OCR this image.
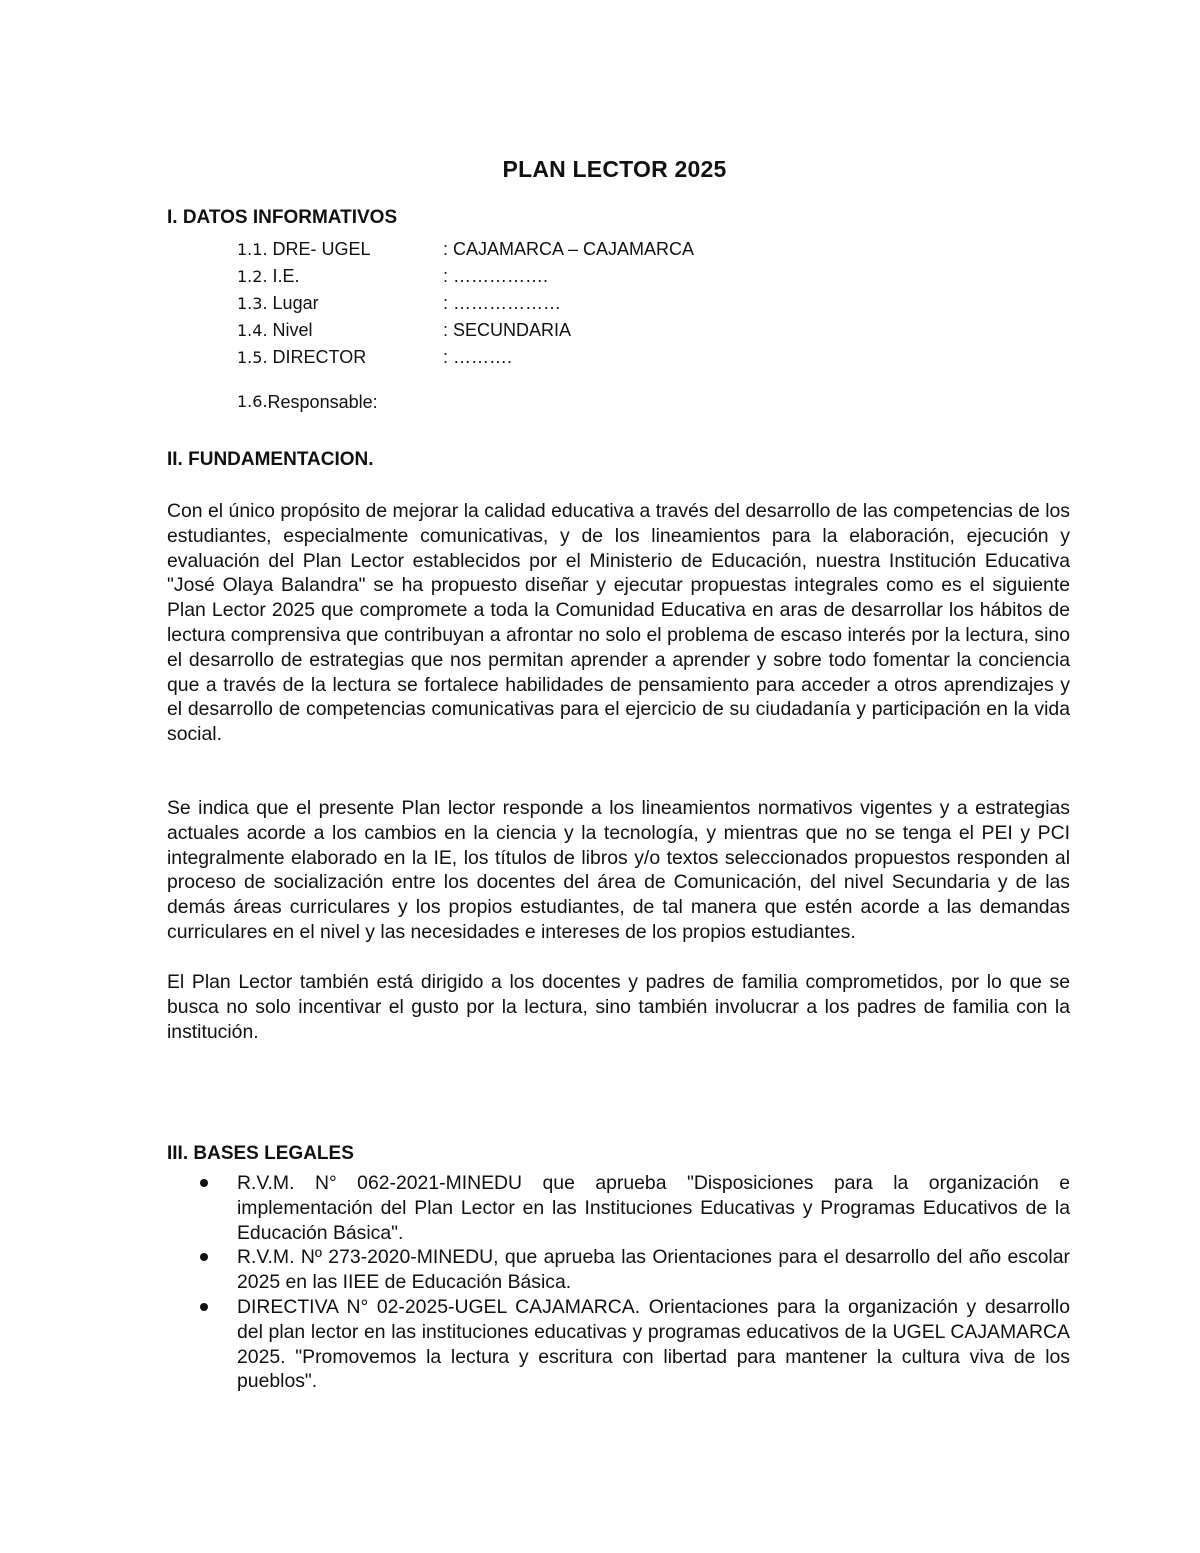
PLAN LECTOR 2025
I. DATOS INFORMATIVOS
1.1. DRE- UGEL	: CAJAMARCA – CAJAMARCA
1.2. I.E.	: …………….
1.3. Lugar	: ………………
1.4. Nivel	: SECUNDARIA
1.5. DIRECTOR	: ……….
1.6. Responsable:
II. FUNDAMENTACION.

Con el único propósito de mejorar la calidad educativa a través del desarrollo de las competencias de los estudiantes, especialmente comunicativas, y de los lineamientos para la elaboración, ejecución y evaluación del Plan Lector establecidos por el Ministerio de Educación, nuestra Institución Educativa "José Olaya Balandra" se ha propuesto diseñar y ejecutar propuestas integrales como es el siguiente Plan Lector 2025 que compromete a toda la Comunidad Educativa en aras de desarrollar los hábitos de lectura comprensiva que contribuyan a afrontar no solo el problema de escaso interés por la lectura, sino el desarrollo de estrategias que nos permitan aprender a aprender y sobre todo fomentar la conciencia que a través de la lectura se fortalece habilidades de pensamiento para acceder a otros aprendizajes y el desarrollo de competencias comunicativas para el ejercicio de su ciudadanía y participación en la vida social.

Se indica que el presente Plan lector responde a los lineamientos normativos vigentes y a estrategias actuales acorde a los cambios en la ciencia y la tecnología, y mientras que no se tenga el PEI y PCI integralmente elaborado en la IE, los títulos de libros y/o textos seleccionados propuestos responden al proceso de socialización entre los docentes del área de Comunicación, del nivel Secundaria y de las demás áreas curriculares y los propios estudiantes, de tal manera que estén acorde a las demandas curriculares en el nivel y las necesidades e intereses de los propios estudiantes.

El Plan Lector también está dirigido a los docentes y padres de familia comprometidos, por lo que se busca no solo incentivar el gusto por la lectura, sino también involucrar a los padres de familia con la institución.

III. BASES LEGALES
R.V.M. N° 062-2021-MINEDU que aprueba "Disposiciones para la organización e implementación del Plan Lector en las Instituciones Educativas y Programas Educativos de la Educación Básica".
R.V.M. Nº 273-2020-MINEDU, que aprueba las Orientaciones para el desarrollo del año escolar 2025 en las IIEE de Educación Básica.
DIRECTIVA N° 02-2025-UGEL CAJAMARCA. Orientaciones para la organización y desarrollo del plan lector en las instituciones educativas y programas educativos de la UGEL CAJAMARCA 2025. "Promovemos la lectura y escritura con libertad para mantener la cultura viva de los pueblos".
